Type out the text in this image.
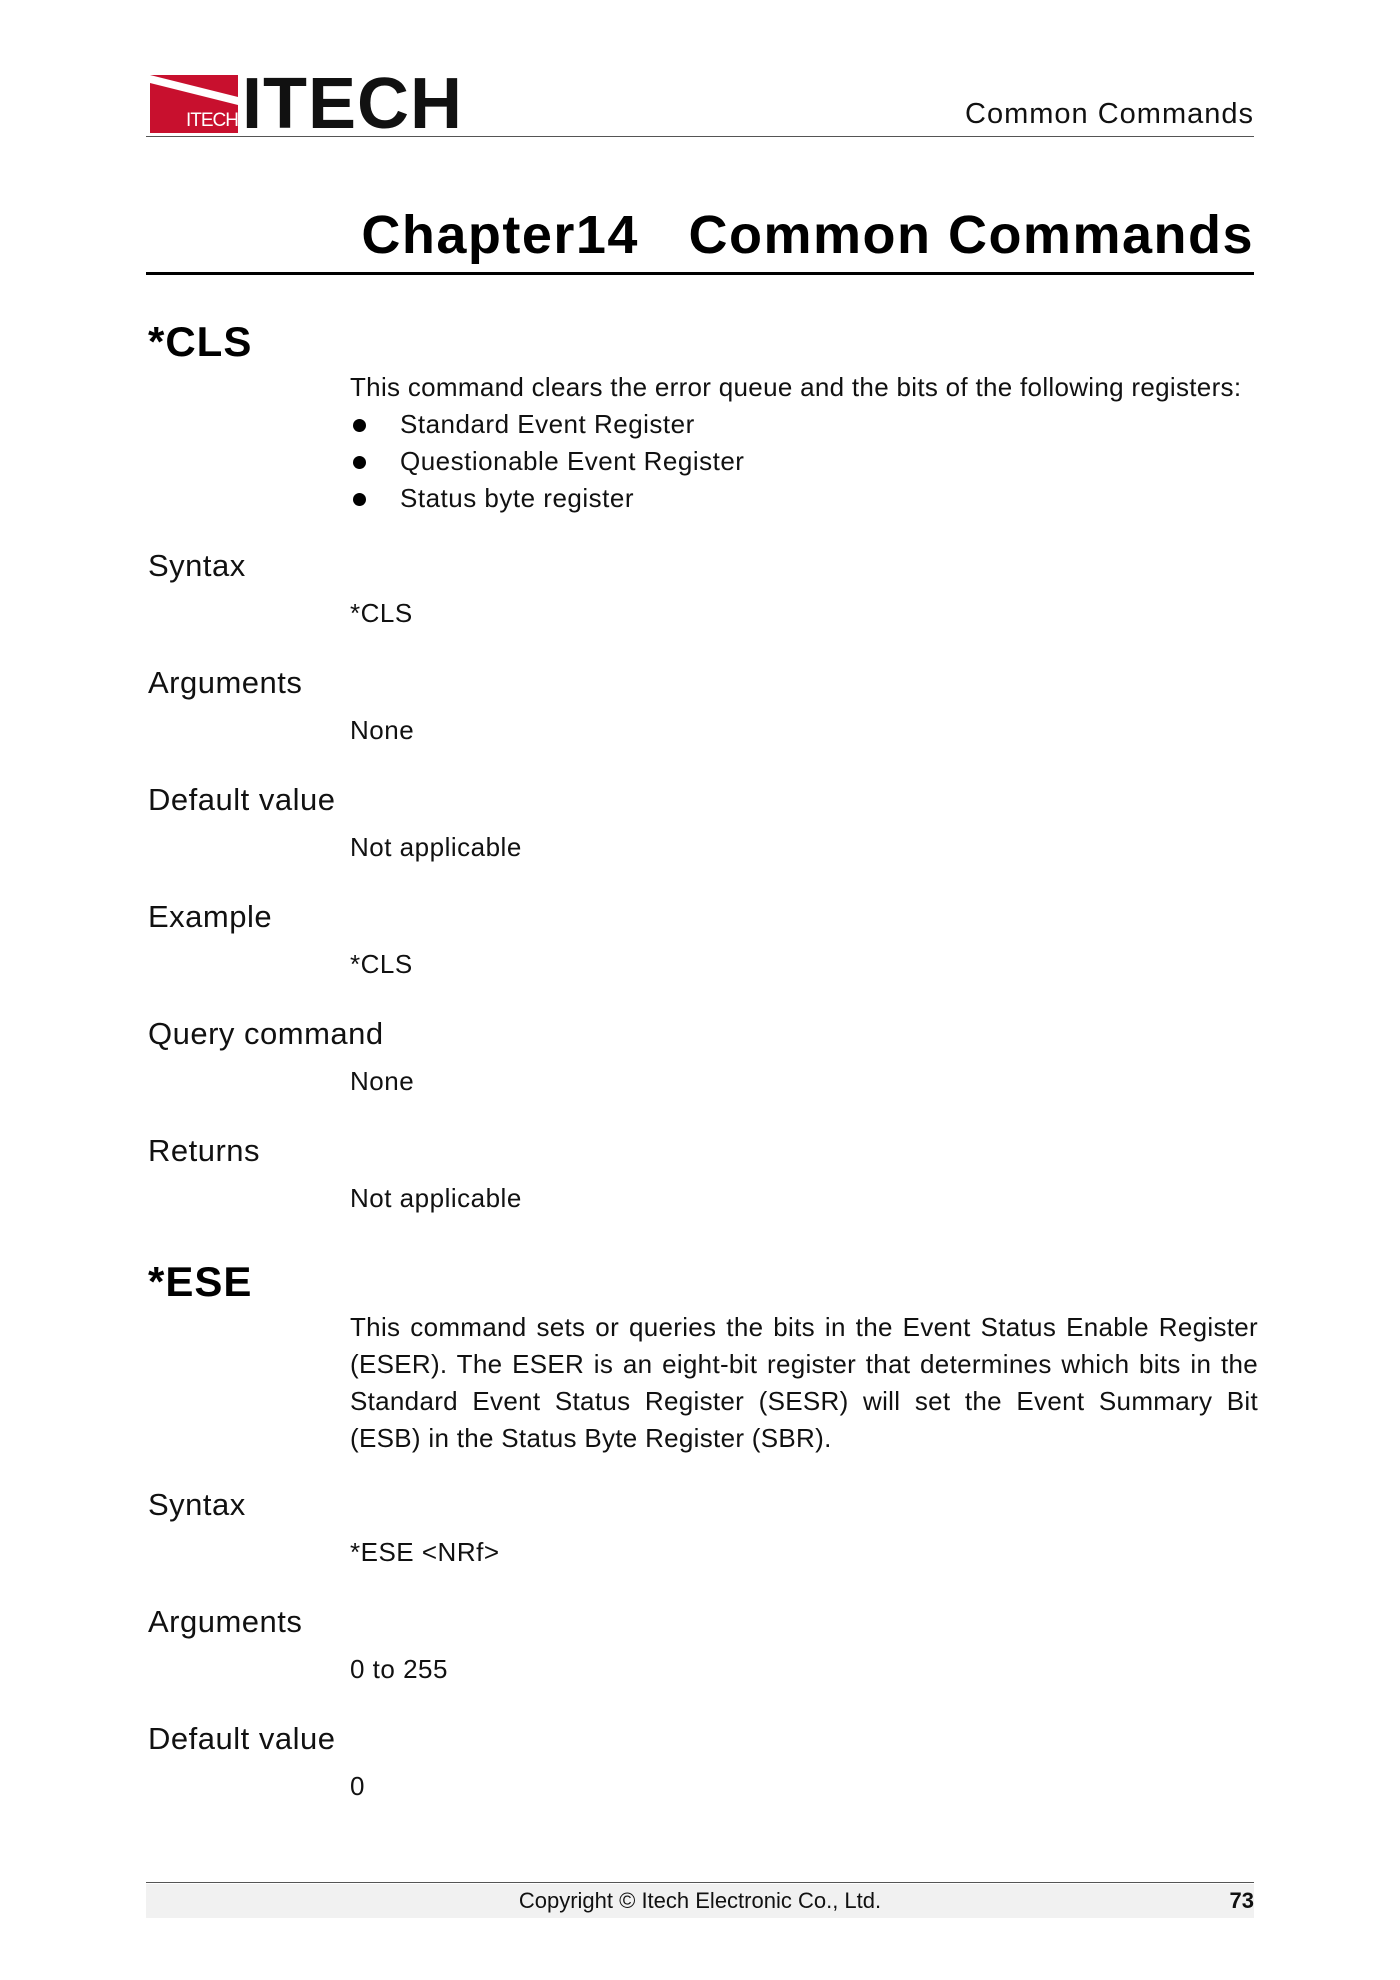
ITECH ITECH	Common Commands
Chapter14   Common Commands
*CLS
This command clears the error queue and the bits of the following registers:
Standard Event Register
Questionable Event Register
Status byte register
Syntax
*CLS
Arguments
None
Default value
Not applicable
Example
*CLS
Query command
None
Returns
Not applicable
*ESE
This command sets or queries the bits in the Event Status Enable Register (ESER). The ESER is an eight-bit register that determines which bits in the Standard Event Status Register (SESR) will set the Event Summary Bit (ESB) in the Status Byte Register (SBR).
Syntax
*ESE <NRf>
Arguments
0 to 255
Default value
0
Copyright © Itech Electronic Co., Ltd.	73
